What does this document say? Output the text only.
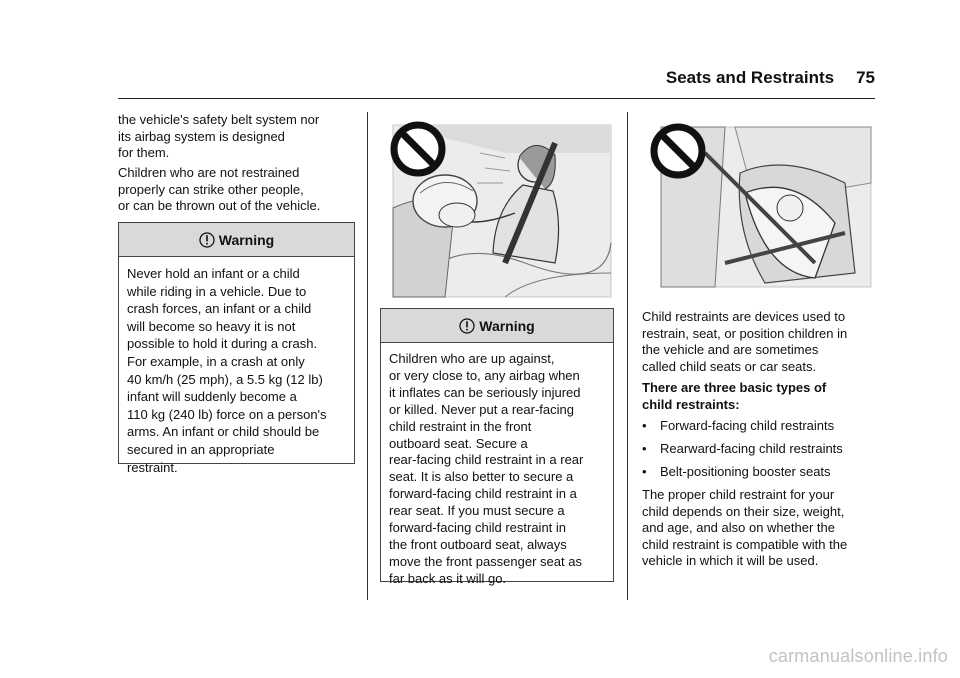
Seats and Restraints 75

the vehicle's safety belt system nor
its airbag system is designed
for them.

Children who are not restrained
properly can strike other people,
or can be thrown out of the vehicle.

Warning

Never hold an infant or a child

while riding in a vehicle. Due to

crash forces, an infant or a child

will become so heavy it is not

possible to hold it during a crash.

For example, in a crash at only

40 km/h (25 mph), a 5.5 kg (12 lb)

infant will suddenly become a

110 kg (240 lb) force on a person's

arms. An infant or child should be

secured in an appropriate

restraint.

Warning

Children who are up against,

or very close to, any airbag when

it inflates can be seriously injured

or killed. Never put a rear-facing

child restraint in the front

outboard seat. Secure a

rear-facing child restraint in a rear

seat. It is also better to secure a

forward-facing child restraint in a

rear seat. If you must secure a

forward-facing child restraint in

the front outboard seat, always

move the front passenger seat as

far back as it will go.

Child restraints are devices used to
restrain, seat, or position children in
the vehicle and are sometimes
called child seats or car seats.

There are three basic types of
child restraints:

• Forward-facing child restraints
• Rearward-facing child restraints
• Belt-positioning booster seats

The proper child restraint for your
child depends on their size, weight,
and age, and also on whether the
child restraint is compatible with the
vehicle in which it will be used.

carmanualsonline.info
